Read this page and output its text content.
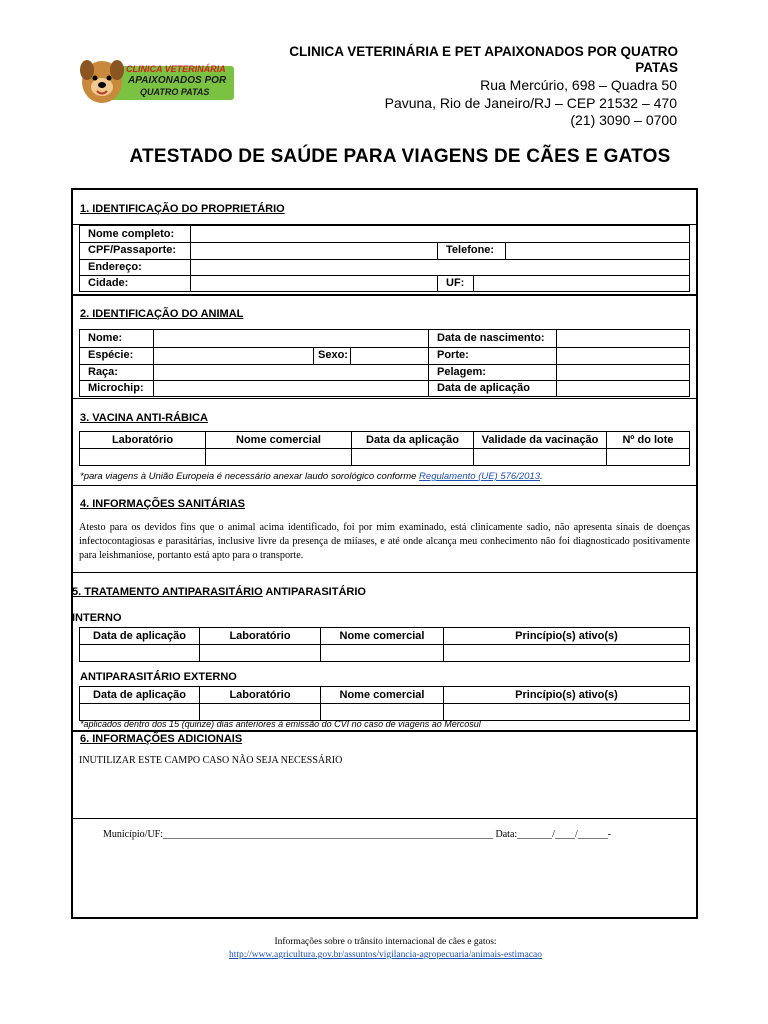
CLINICA VETERINÁRIA
APAIXONADOS POR
QUATRO PATAS
CLINICA VETERINÁRIA E PET APAIXONADOS POR QUATRO PATAS
Rua Mercúrio, 698 – Quadra 50
Pavuna, Rio de Janeiro/RJ – CEP 21532 – 470
(21) 3090 – 0700
ATESTADO DE SAÚDE PARA VIAGENS DE CÃES E GATOS
1. IDENTIFICAÇÃO DO PROPRIETÁRIO
Nome completo:
CPF/Passaporte:	Telefone:
Endereço:
Cidade:	UF:
2. IDENTIFICAÇÃO DO ANIMAL
Nome:	Data de nascimento:
Espécie:	Sexo:	Porte:
Raça:	Pelagem:
Microchip:	Data de aplicação
3. VACINA ANTI-RÁBICA
Laboratório	Nome comercial	Data da aplicação	Validade da vacinação	Nº do lote

*para viagens à União Europeia é necessário anexar laudo sorológico conforme Regulamento (UE) 576/2013.
4. INFORMAÇÕES SANITÁRIAS
Atesto para os devidos fins que o animal acima identificado, foi por mim examinado, está clinicamente sadio, não apresenta sinais de doenças infectocontagiosas e parasitárias, inclusive livre da presença de miíases, e até onde alcança meu conhecimento não foi diagnosticado positivamente para leishmaniose, portanto está apto para o transporte.
5. TRATAMENTO ANTIPARASITÁRIO ANTIPARASITÁRIO
INTERNO
Data de aplicação	Laboratório	Nome comercial	Princípio(s) ativo(s)

ANTIPARASITÁRIO EXTERNO
Data de aplicação	Laboratório	Nome comercial	Princípio(s) ativo(s)

*aplicados dentro dos 15 (quinze) dias anteriores à emissão do CVI no caso de viagens ao Mercosul
6. INFORMAÇÕES ADICIONAIS
INUTILIZAR ESTE CAMPO CASO NÃO SEJA NECESSÁRIO
Município/UF:__________________________________________________________________ Data:_______/____/______-
Informações sobre o trânsito internacional de cães e gatos:
http://www.agricultura.gov.br/assuntos/vigilancia-agropecuaria/animais-estimacao
